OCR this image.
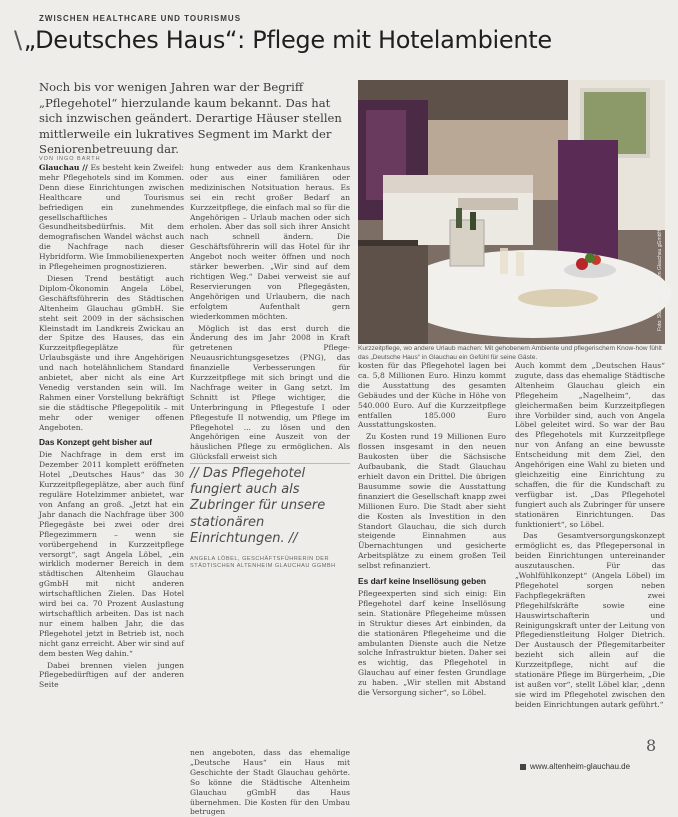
ZWISCHEN HEALTHCARE UND TOURISMUS
\„Deutsches Haus“: Pflege mit Hotelambiente
Noch bis vor wenigen Jahren war der Begriff „Pflegehotel“ hierzulande kaum bekannt. Das hat sich inzwischen geändert. Derartige Häuser stellen mittlerweile ein lukratives Segment im Markt der Seniorenbetreuung dar.
VON INGO BARTH

Glauchau // Es besteht kein Zweifel: mehr Pflegehotels sind im Kommen. Denn diese Einrichtungen zwischen Healthcare und Tourismus befriedigen ein zunehmendes gesellschaftliches Gesundheitsbedürfnis. Mit dem demografischen Wandel wächst auch die Nachfrage nach dieser Hybridform. Wie Immobilienexperten in Pflegeheimen prognostizieren.

Diesen Trend bestätigt auch Diplom-Ökonomin Angela Löbel, Geschäftsführerin des Städtischen Altenheim Glauchau gGmbH. Sie steht seit 2009 in der sächsischen Kleinstadt im Landkreis Zwickau an der Spitze des Hauses, das ein Kurzzeitpflegeplätze für Urlaubsgäste und ihre Angehörigen und nach hotelähnlichem Standard anbietet, aber nicht als eine Art Venedig verstanden sein will. Im Rahmen einer Vorstellung bekräftigt sie die städtische Pflegepolitik – mit mehr oder weniger offenen Angeboten.

Das Konzept geht bisher auf

Die Nachfrage in dem erst im Dezember 2011 komplett eröffneten Hotel „Deutsches Haus“ das 30 Kurzzeitpflegeplätze, aber auch fünf reguläre Hotelzimmer anbietet, war von Anfang an groß. „Jetzt hat ein Jahr danach die Nachfrage über 300 Pflegegäste bei zwei oder drei Pflegezimmern – wenn sie vorübergehend in Kurzzeitpflege versorgt“, sagt Angela Löbel, „ein wirklich moderner Bereich in dem städtischen Altenheim Glauchau gGmbH mit nicht anderen wirtschaftlichen Zielen. Das Hotel wird bei ca. 70 Prozent Auslastung wirtschaftlich arbeiten. Das ist nach nur einem halben Jahr, die das Pflegehotel jetzt in Betrieb ist, noch nicht ganz erreicht. Aber wir sind auf dem besten Weg dahin.“

Dabei brennen vielen jungen Pflegebedürftigen auf der anderen Seite

hung entweder aus dem Krankenhaus oder aus einer familiären oder medizinischen Notsituation heraus. Es sei ein recht großer Bedarf an Kurzzeitpflege, die einfach mal so für die Angehörigen – Urlaub machen oder sich erholen. Aber das soll sich ihrer Ansicht nach schnell ändern. Die Geschäftsführerin will das Hotel für ihr Angebot noch weiter öffnen und noch stärker bewerben. „Wir sind auf dem richtigen Weg.“ Dabei verweist sie auf Reservierungen von Pflegegästen, Angehörigen und Urlaubern, die nach erfolgtem Aufenthalt gern wiederkommen möchten.

Möglich ist das erst durch die Änderung des im Jahr 2008 in Kraft getretenen Pflege-Neuausrichtungsgesetzes (PNG), das finanzielle Verbesserungen für Kurzzeitpflege mit sich bringt und die Nachfrage weiter in Gang setzt. Im Schnitt ist Pflege wichtiger, die Unterbringung in Pflegestufe I oder Pflegestufe II notwendig, um Pflege im Pflegehotel ... zu lösen und den Angehörigen eine Auszeit von der häuslichen Pflege zu ermöglichen. Als Glücksfall erweist sich

// Das Pflegehotel fungiert auch als Zubringer für unsere stationären Einrichtungen. //

ANGELA LÖBEL, GESCHÄFTSFÜHRERIN DER STÄDTISCHEN ALTENHEIM GLAUCHAU GGMBH

nen angeboten, dass das ehemalige „Deutsche Haus“ ein Haus mit Geschichte der Stadt Glauchau gehörte. So könne die Städtische Altenheim Glauchau gGmbH das Haus übernehmen. Die Kosten für den Umbau betrugen

Foto: Städtische Altenheim Glauchau gGmbH
Kurzzeitpflege, wo andere Urlaub machen: Mit gehobenem Ambiente und pflegerischem Know-how fühlt das „Deutsche Haus“ in Glauchau ein Gefühl für seine Gäste.

kosten für das Pflegehotel lagen bei ca. 5,8 Millionen Euro. Hinzu kommt die Ausstattung des gesamten Gebäudes und der Küche in Höhe von 540.000 Euro. Auf die Kurzzeitpflege entfallen 185.000 Euro Ausstattungskosten.

Zu Kosten rund 19 Millionen Euro flossen insgesamt in den neuen Baukosten über die Sächsische Aufbaubank, die Stadt Glauchau erhielt davon ein Drittel. Die übrigen Bausumme sowie die Ausstattung finanziert die Gesellschaft knapp zwei Millionen Euro. Die Stadt aber sieht die Kosten als Investition in den Standort Glauchau, die sich durch steigende Einnahmen aus Übernachtungen und gesicherte Arbeitsplätze zu einem großen Teil selbst refinanziert.

Es darf keine Insellösung geben

Pflegeexperten sind sich einig: Ein Pflegehotel darf keine Insellösung sein. Stationäre Pflegeheime müssen in Struktur dieses Art einbinden, da die stationären Pflegeheime und die ambulanten Dienste auch die Netze solche Infrastruktur bieten. Daher sei es wichtig, das Pflegehotel in Glauchau auf einer festen Grundlage zu haben. „Wir stellen mit Abstand die Versorgung sicher“, so Löbel.

Auch kommt dem „Deutschen Haus“ zugute, dass das ehemalige Städtische Altenheim Glauchau gleich ein Pflegeheim „Nagelheim“, das gleichermaßen beim Kurzzeitpflegen ihre Vorbilder sind, auch von Angela Löbel geleitet wird. So war der Bau des Pflegehotels mit Kurzzeitpflege nur von Anfang an eine bewusste Entscheidung mit dem Ziel, den Angehörigen eine Wahl zu bieten und gleichzeitig eine Einrichtung zu schaffen, die für die Kundschaft zu verfügbar ist. „Das Pflegehotel fungiert auch als Zubringer für unsere stationären Einrichtungen. Das funktioniert“, so Löbel.

Das Gesamtversorgungskonzept ermöglicht es, das Pflegepersonal in beiden Einrichtungen untereinander auszutauschen. Für das „Wohlfühlkonzept“ (Angela Löbel) im Pflegehotel sorgen neben Fachpflegekräften zwei Pflegehilfskräfte sowie eine Hauswirtschafterin und Reinigungskraft unter der Leitung von Pflegedienstleitung Holger Dietrich. Der Austausch der Pflegemitarbeiter bezieht sich allein auf die Kurzzeitpflege, nicht auf die stationäre Pflege im Bürgerheim, „Die ist außen vor“, stellt Löbel klar, „denn sie wird im Pflegehotel zwischen den beiden Einrichtungen autark geführt.“

8
www.altenheim-glauchau.de
